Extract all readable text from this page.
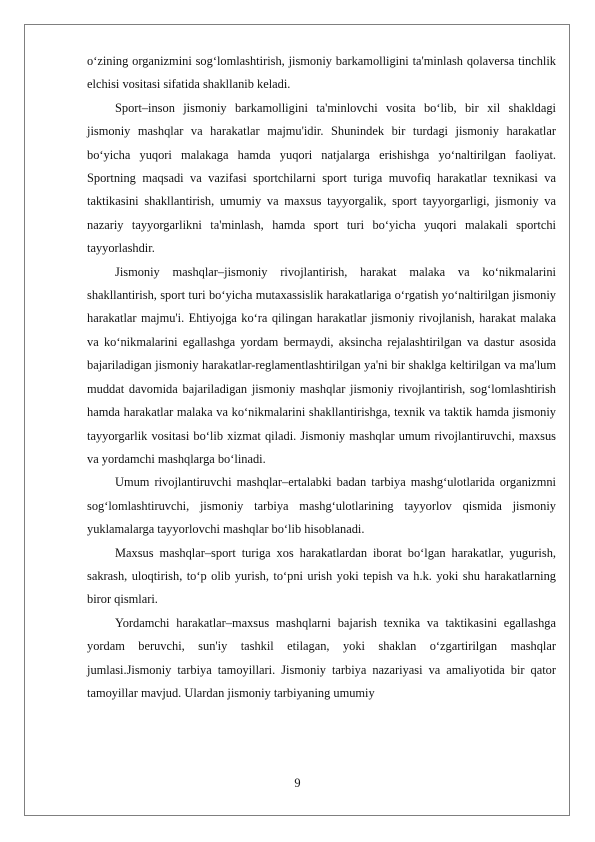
o‘zining organizmini sog‘lomlashtirish, jismoniy barkamolligini ta'minlash qolaversa tinchlik elchisi vositasi sifatida shakllanib keladi.

Sport–inson jismoniy barkamolligini ta'minlovchi vosita bo‘lib, bir xil shakldagi jismoniy mashqlar va harakatlar majmu'idir. Shunindek bir turdagi jismoniy harakatlar bo‘yicha yuqori malakaga hamda yuqori natjalarga erishishga yo‘naltirilgan faoliyat. Sportning maqsadi va vazifasi sportchilarni sport turiga muvofiq harakatlar texnikasi va taktikasini shakllantirish, umumiy va maxsus tayyorgalik, sport tayyorgarligi, jismoniy va nazariy tayyorgarlikni ta'minlash, hamda sport turi bo‘yicha yuqori malakali sportchi tayyorlashdir.

Jismoniy mashqlar–jismoniy rivojlantirish, harakat malaka va ko‘nikmalarini shakllantirish, sport turi bo‘yicha mutaxassislik harakatlariga o‘rgatish yo‘naltirilgan jismoniy harakatlar majmu'i. Ehtiyojga ko‘ra qilingan harakatlar jismoniy rivojlanish, harakat malaka va ko‘nikmalarini egallashga yordam bermaydi, aksincha rejalashtirilgan va dastur asosida bajariladigan jismoniy harakatlar-reglamentlashtirilgan ya'ni bir shaklga keltirilgan va ma'lum muddat davomida bajariladigan jismoniy mashqlar jismoniy rivojlantirish, sog‘lomlashtirish hamda harakatlar malaka va ko‘nikmalarini shakllantirishga, texnik va taktik hamda jismoniy tayyorgarlik vositasi bo‘lib xizmat qiladi. Jismoniy mashqlar umum rivojlantiruvchi, maxsus va yordamchi mashqlarga bo‘linadi.

Umum rivojlantiruvchi mashqlar–ertalabki badan tarbiya mashg‘ulotlarida organizmni sog‘lomlashtiruvchi, jismoniy tarbiya mashg‘ulotlarining tayyorlov qismida jismoniy yuklamalarga tayyorlovchi mashqlar bo‘lib hisoblanadi.

Maxsus mashqlar–sport turiga xos harakatlardan iborat bo‘lgan harakatlar, yugurish, sakrash, uloqtirish, to‘p olib yurish, to‘pni urish yoki tepish va h.k. yoki shu harakatlarning biror qismlari.

Yordamchi harakatlar–maxsus mashqlarni bajarish texnika va taktikasini egallashga yordam beruvchi, sun'iy tashkil etilagan, yoki shaklan o‘zgartirilgan mashqlar jumlasi.Jismoniy tarbiya tamoyillari. Jismoniy tarbiya nazariyasi va amaliyotida bir qator tamoyillar mavjud. Ulardan jismoniy tarbiyaning umumiy

9
